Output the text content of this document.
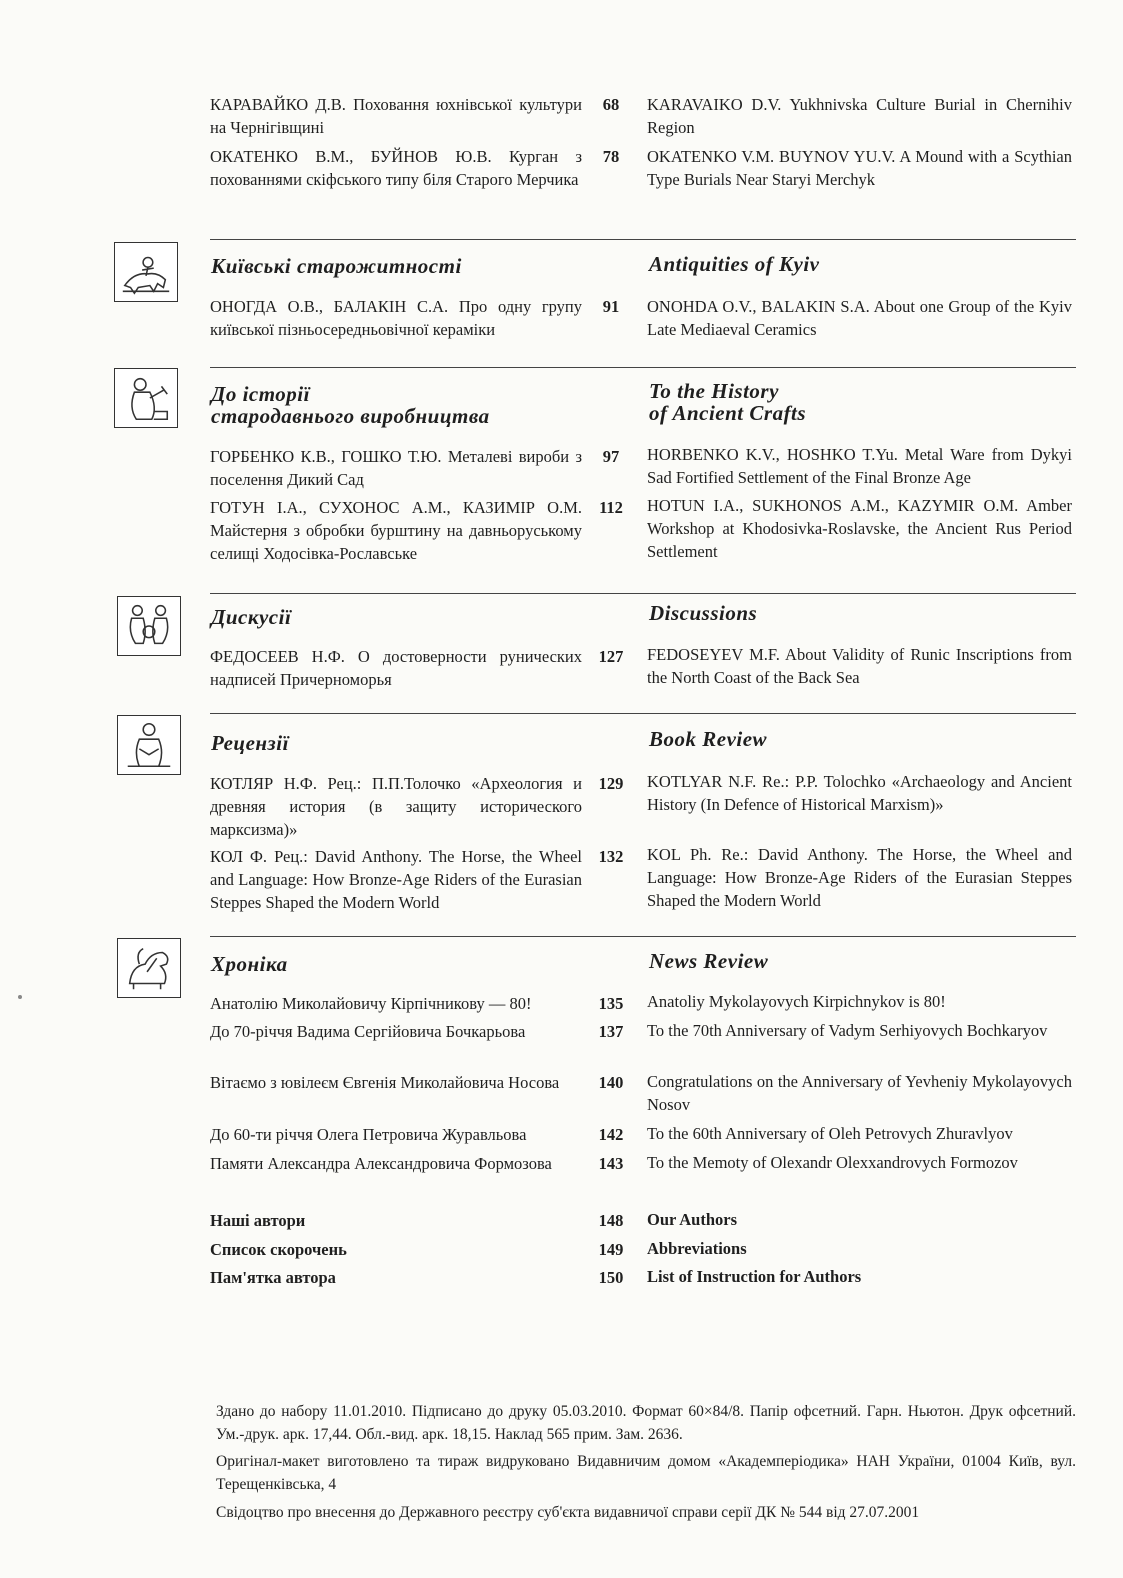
КАРАВАЙКО Д.В. Поховання юхнівської культури на Чернігівщині
68	KARAVAIKO D.V. Yukhnivska Culture Burial in Chernihiv Region
ОКАТЕНКО В.М., БУЙНОВ Ю.В. Курган з похованнями скіфського типу біля Старого Мерчика
78	OKATENKO V.M. BUYNOV YU.V. A Mound with a Scythian Type Burials Near Staryi Merchyk
Київські старожитності	Antiquities of Kyiv
ОНОГДА О.В., БАЛАКІН С.А. Про одну групу київської пізньосередньовічної кераміки
91	ONOHDA O.V., BALAKIN S.A. About one Group of the Kyiv Late Mediaeval Ceramics
До історії
стародавнього виробництва
To the History
of Ancient Crafts
ГОРБЕНКО К.В., ГОШКО Т.Ю. Металеві вироби з поселення Дикий Сад
97	HORBENKO K.V., HOSHKO T.Yu. Metal Ware from Dykyi Sad Fortified Settlement of the Final Bronze Age
ГОТУН І.А., СУХОНОС А.М., КАЗИМІР О.М. Майстерня з обробки бурштину на давньоруському селищі Ходосівка-Рославське
112	HOTUN I.A., SUKHONOS A.M., KAZYMIR O.M. Amber Workshop at Khodosivka-Roslavske, the Ancient Rus Period Settlement
Дискусії	Discussions
ФЕДОСЕЕВ Н.Ф. О достоверности рунических надписей Причерноморья
127	FEDOSEYEV M.F. About Validity of Runic Inscriptions from the North Coast of the Back Sea
Рецензії	Book Review
КОТЛЯР Н.Ф. Рец.: П.П.Толочко «Археология и древняя история (в защиту исторического марксизма)»
129	KOTLYAR N.F. Re.: P.P. Tolochko «Archaeology and Ancient History (In Defence of Historical Marxism)»
КОЛ Ф. Рец.: David Anthony. The Horse, the Wheel and Language: How Bronze-Age Riders of the Eurasian Steppes Shaped the Modern World
132	KOL Ph. Re.: David Anthony. The Horse, the Wheel and Language: How Bronze-Age Riders of the Eurasian Steppes Shaped the Modern World
Хроніка	News Review
Анатолію Миколайовичу Кірпічникову — 80!	135	Anatoliy Mykolayovych Kirpichnykov is 80!
До 70-річчя Вадима Сергійовича Бочкарьова	137	To the 70th Anniversary of Vadym Serhiyovych Bochkaryov
Вітаємо з ювілеєм Євгенія Миколайовича Носова	140	Congratulations on the Anniversary of Yevheniy Mykolayovych Nosov
До 60-ти річчя Олега Петровича Журавльова	142	To the 60th Anniversary of Oleh Petrovych Zhuravlyov
Памяти Александра Александровича Формозова	143	To the Memoty of Olexandr Olexxandrovych Formozov
Наші автори	148	Our Authors
Список скорочень	149	Abbreviations
Пам'ятка автора	150	List of Instruction for Authors
Здано до набору 11.01.2010. Підписано до друку 05.03.2010. Формат 60×84/8. Папір офсетний. Гарн. Ньютон. Друк офсетний. Ум.-друк. арк. 17,44. Обл.-вид. арк. 18,15. Наклад 565 прим. Зам. 2636.
Оригінал-макет виготовлено та тираж видруковано Видавничим домом «Академперіодика» НАН України, 01004 Київ, вул. Терещенківська, 4
Свідоцтво про внесення до Державного реєстру суб'єкта видавничої справи серії ДК № 544 від 27.07.2001
